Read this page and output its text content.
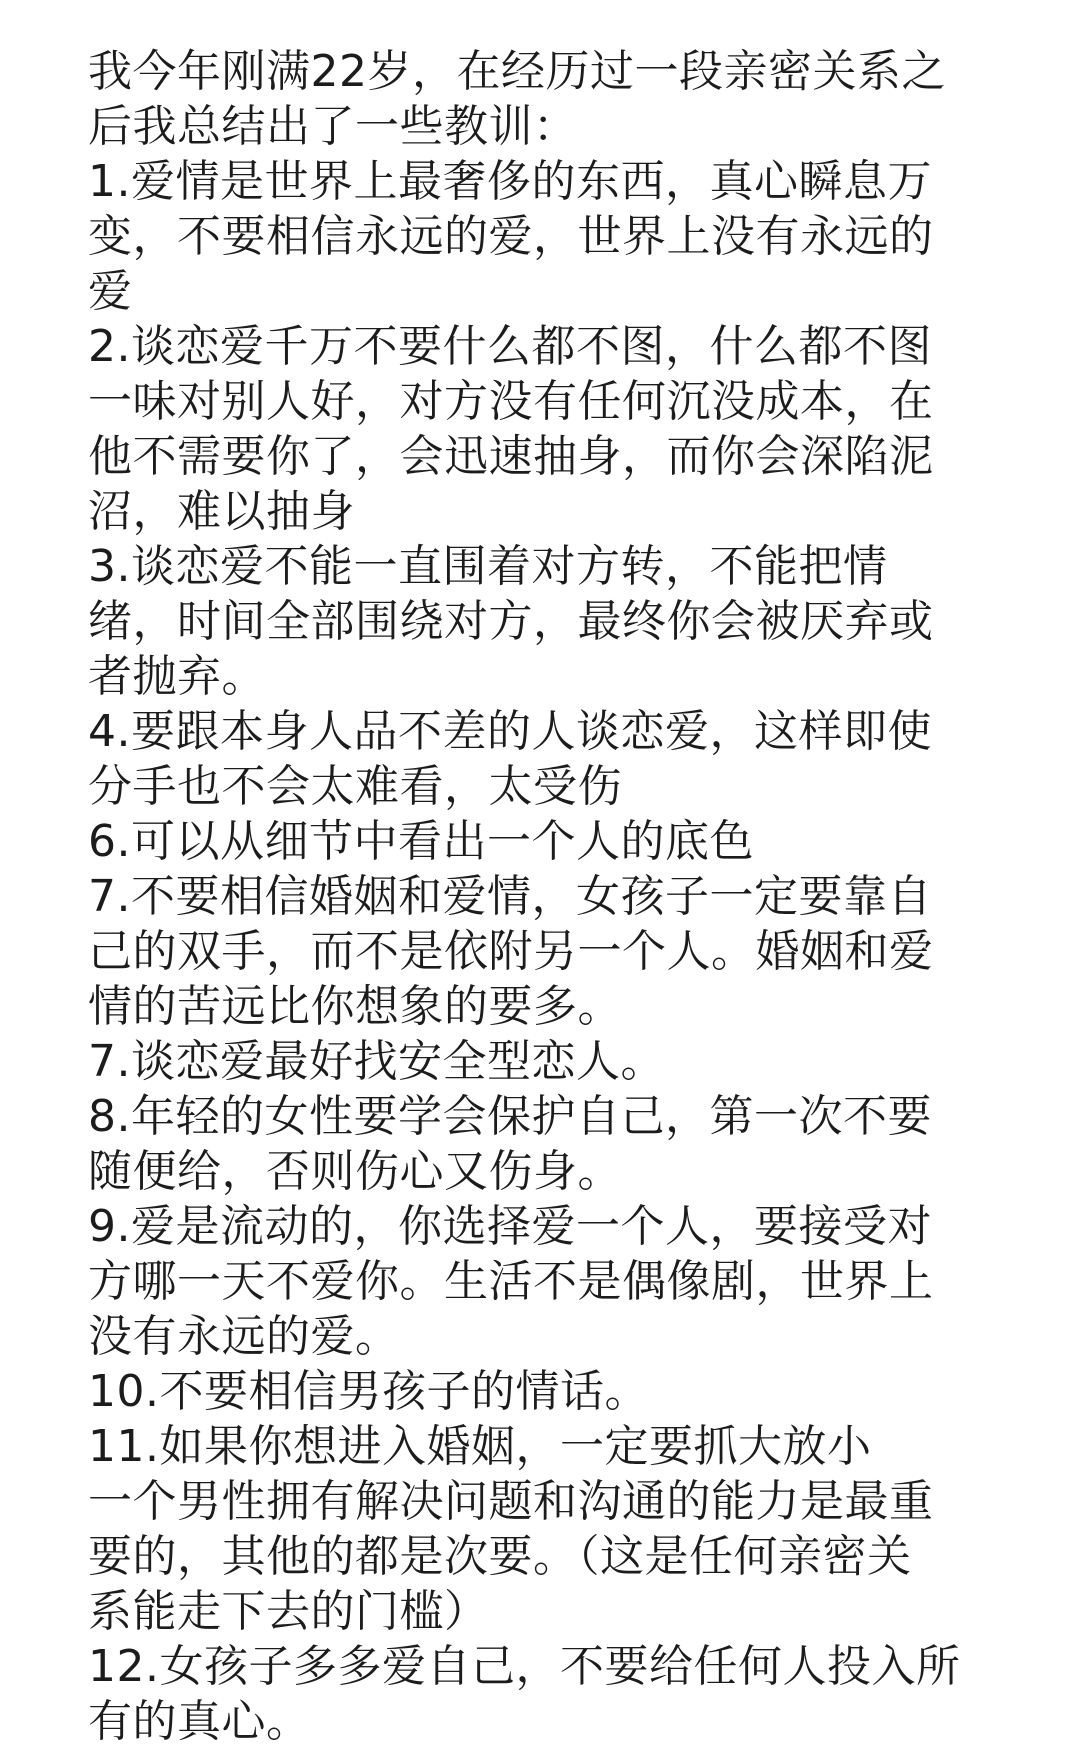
我今年刚满22岁，在经历过一段亲密关系之
后我总结出了一些教训：
1.爱情是世界上最奢侈的东西，真心瞬息万
变，不要相信永远的爱，世界上没有永远的
爱
2.谈恋爱千万不要什么都不图，什么都不图
一味对别人好，对方没有任何沉没成本，在
他不需要你了，会迅速抽身，而你会深陷泥
沼，难以抽身
3.谈恋爱不能一直围着对方转，不能把情
绪，时间全部围绕对方，最终你会被厌弃或
者抛弃。
4.要跟本身人品不差的人谈恋爱，这样即使
分手也不会太难看，太受伤
6.可以从细节中看出一个人的底色
7.不要相信婚姻和爱情，女孩子一定要靠自
己的双手，而不是依附另一个人。婚姻和爱
情的苦远比你想象的要多。
7.谈恋爱最好找安全型恋人。
8.年轻的女性要学会保护自己，第一次不要
随便给，否则伤心又伤身。
9.爱是流动的，你选择爱一个人，要接受对
方哪一天不爱你。生活不是偶像剧，世界上
没有永远的爱。
10.不要相信男孩子的情话。
11.如果你想进入婚姻，一定要抓大放小
一个男性拥有解决问题和沟通的能力是最重
要的，其他的都是次要。（这是任何亲密关
系能走下去的门槛）
12.女孩子多多爱自己，不要给任何人投入所
有的真心。
